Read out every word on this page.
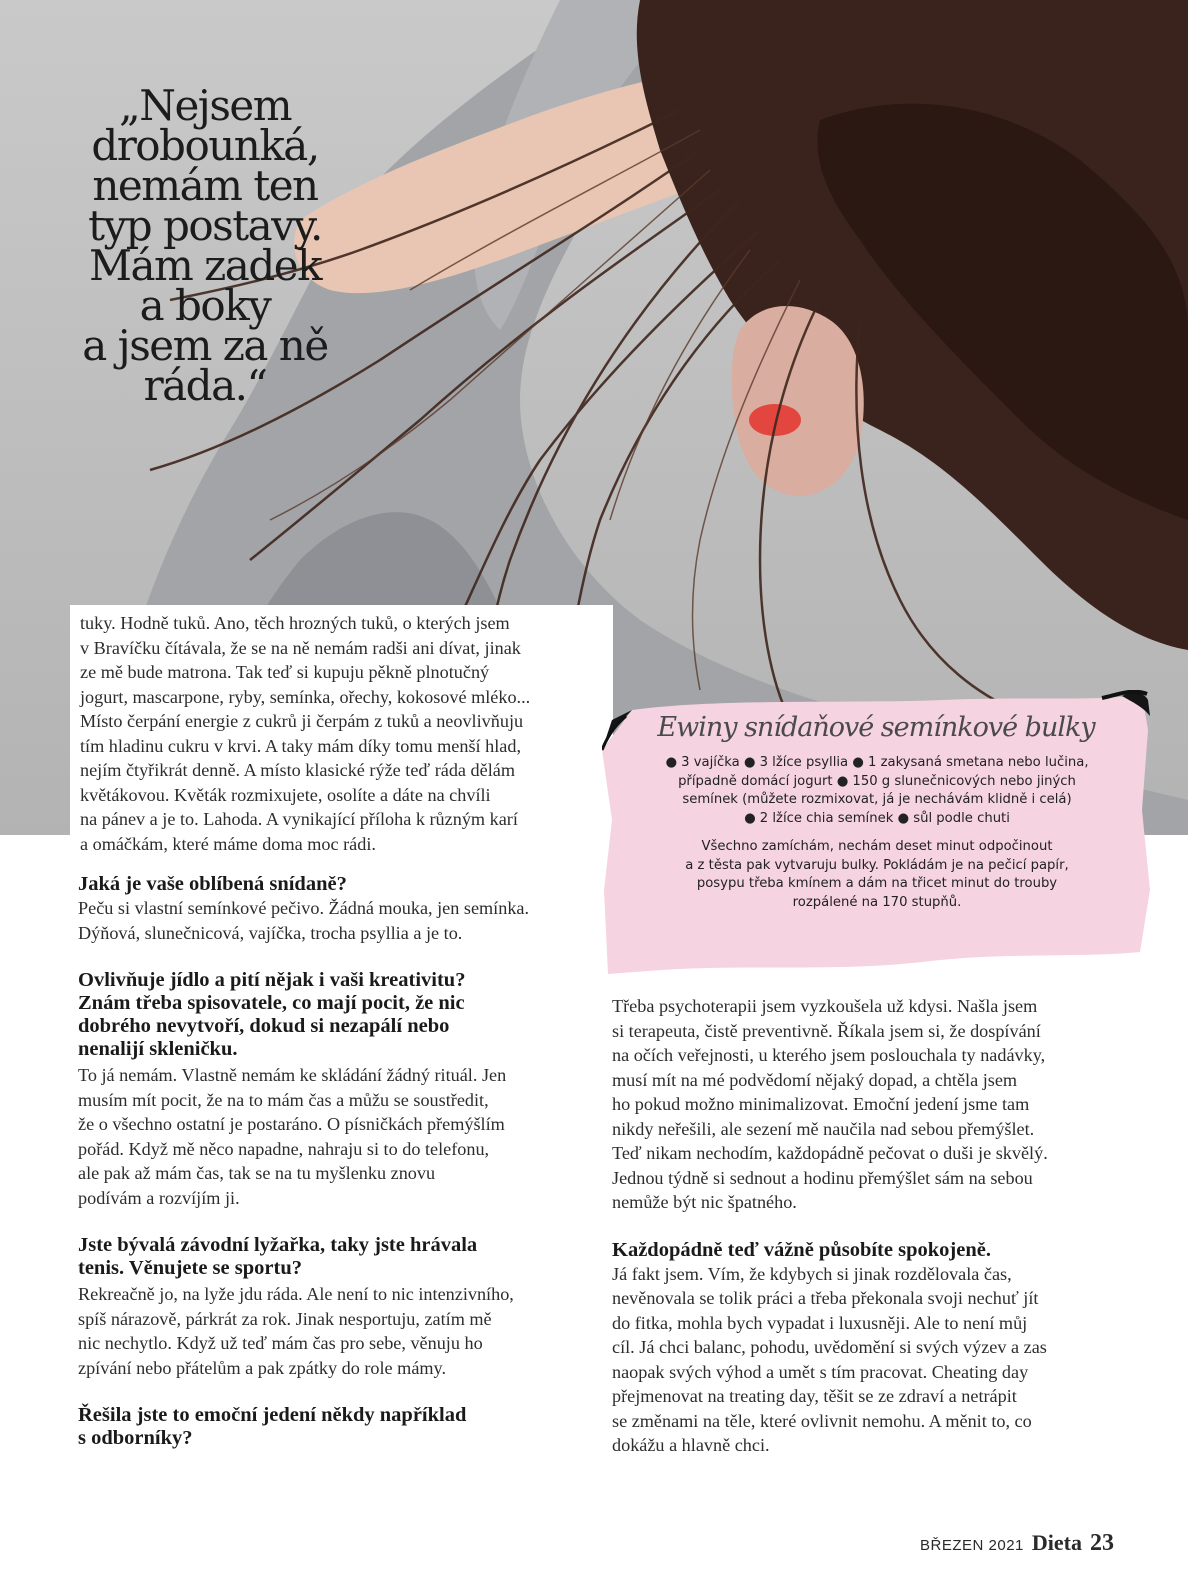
„Nejsem
drobounká,
nemám ten
typ postavy.
Mám zadek
a boky
a jsem za ně
ráda.“

tuky. Hodně tuků. Ano, těch hrozných tuků, o kterých jsem
v Bravíčku čítávala, že se na ně nemám radši ani dívat, jinak
ze mě bude matrona. Tak teď si kupuju pěkně plnotučný
jogurt, mascarpone, ryby, semínka, ořechy, kokosové mléko...
Místo čerpání energie z cukrů ji čerpám z tuků a neovlivňuju
tím hladinu cukru v krvi. A taky mám díky tomu menší hlad,
nejím čtyřikrát denně. A místo klasické rýže teď ráda dělám
květákovou. Květák rozmixujete, osolíte a dáte na chvíli
na pánev a je to. Lahoda. A vynikající příloha k různým karí
a omáčkám, které máme doma moc rádi.

Ewiny snídaňové semínkové bulky
● 3 vajíčka ● 3 lžíce psyllia ● 1 zakysaná smetana nebo lučina,
případně domácí jogurt ● 150 g slunečnicových nebo jiných
semínek (můžete rozmixovat, já je nechávám klidně i celá)
● 2 lžíce chia semínek ● sůl podle chuti
Všechno zamíchám, nechám deset minut odpočinout
a z těsta pak vytvaruju bulky. Pokládám je na pečicí papír,
posypu třeba kmínem a dám na třicet minut do trouby
rozpálené na 170 stupňů.

Jaká je vaše oblíbená snídaně?

Peču si vlastní semínkové pečivo. Žádná mouka, jen semínka.
Dýňová, slunečnicová, vajíčka, trocha psyllia a je to.

Ovlivňuje jídlo a pití nějak i vaši kreativitu?
Znám třeba spisovatele, co mají pocit, že nic
dobrého nevytvoří, dokud si nezapálí nebo
nenalijí skleničku.

To já nemám. Vlastně nemám ke skládání žádný rituál. Jen
musím mít pocit, že na to mám čas a můžu se soustředit,
že o všechno ostatní je postaráno. O písničkách přemýšlím
pořád. Když mě něco napadne, nahraju si to do telefonu,
ale pak až mám čas, tak se na tu myšlenku znovu
podívám a rozvíjím ji.

Jste bývalá závodní lyžařka, taky jste hrávala
tenis. Věnujete se sportu?

Rekreačně jo, na lyže jdu ráda. Ale není to nic intenzivního,
spíš nárazově, párkrát za rok. Jinak nesportuju, zatím mě
nic nechytlo. Když už teď mám čas pro sebe, věnuju ho
zpívání nebo přátelům a pak zpátky do role mámy.

Řešila jste to emoční jedení někdy například
s odborníky?

Třeba psychoterapii jsem vyzkoušela už kdysi. Našla jsem
si terapeuta, čistě preventivně. Říkala jsem si, že dospívání
na očích veřejnosti, u kterého jsem poslouchala ty nadávky,
musí mít na mé podvědomí nějaký dopad, a chtěla jsem
ho pokud možno minimalizovat. Emoční jedení jsme tam
nikdy neřešili, ale sezení mě naučila nad sebou přemýšlet.
Teď nikam nechodím, každopádně pečovat o duši je skvělý.
Jednou týdně si sednout a hodinu přemýšlet sám na sebou
nemůže být nic špatného.

Každopádně teď vážně působíte spokojeně.

Já fakt jsem. Vím, že kdybych si jinak rozdělovala čas,
nevěnovala se tolik práci a třeba překonala svoji nechuť jít
do fitka, mohla bych vypadat i luxusněji. Ale to není můj
cíl. Já chci balanc, pohodu, uvědomění si svých výzev a zas
naopak svých výhod a umět s tím pracovat. Cheating day
přejmenovat na treating day, těšit se ze zdraví a netrápit
se změnami na těle, které ovlivnit nemohu. A měnit to, co
dokážu a hlavně chci.

BŘEZEN 2021 Dieta 23
